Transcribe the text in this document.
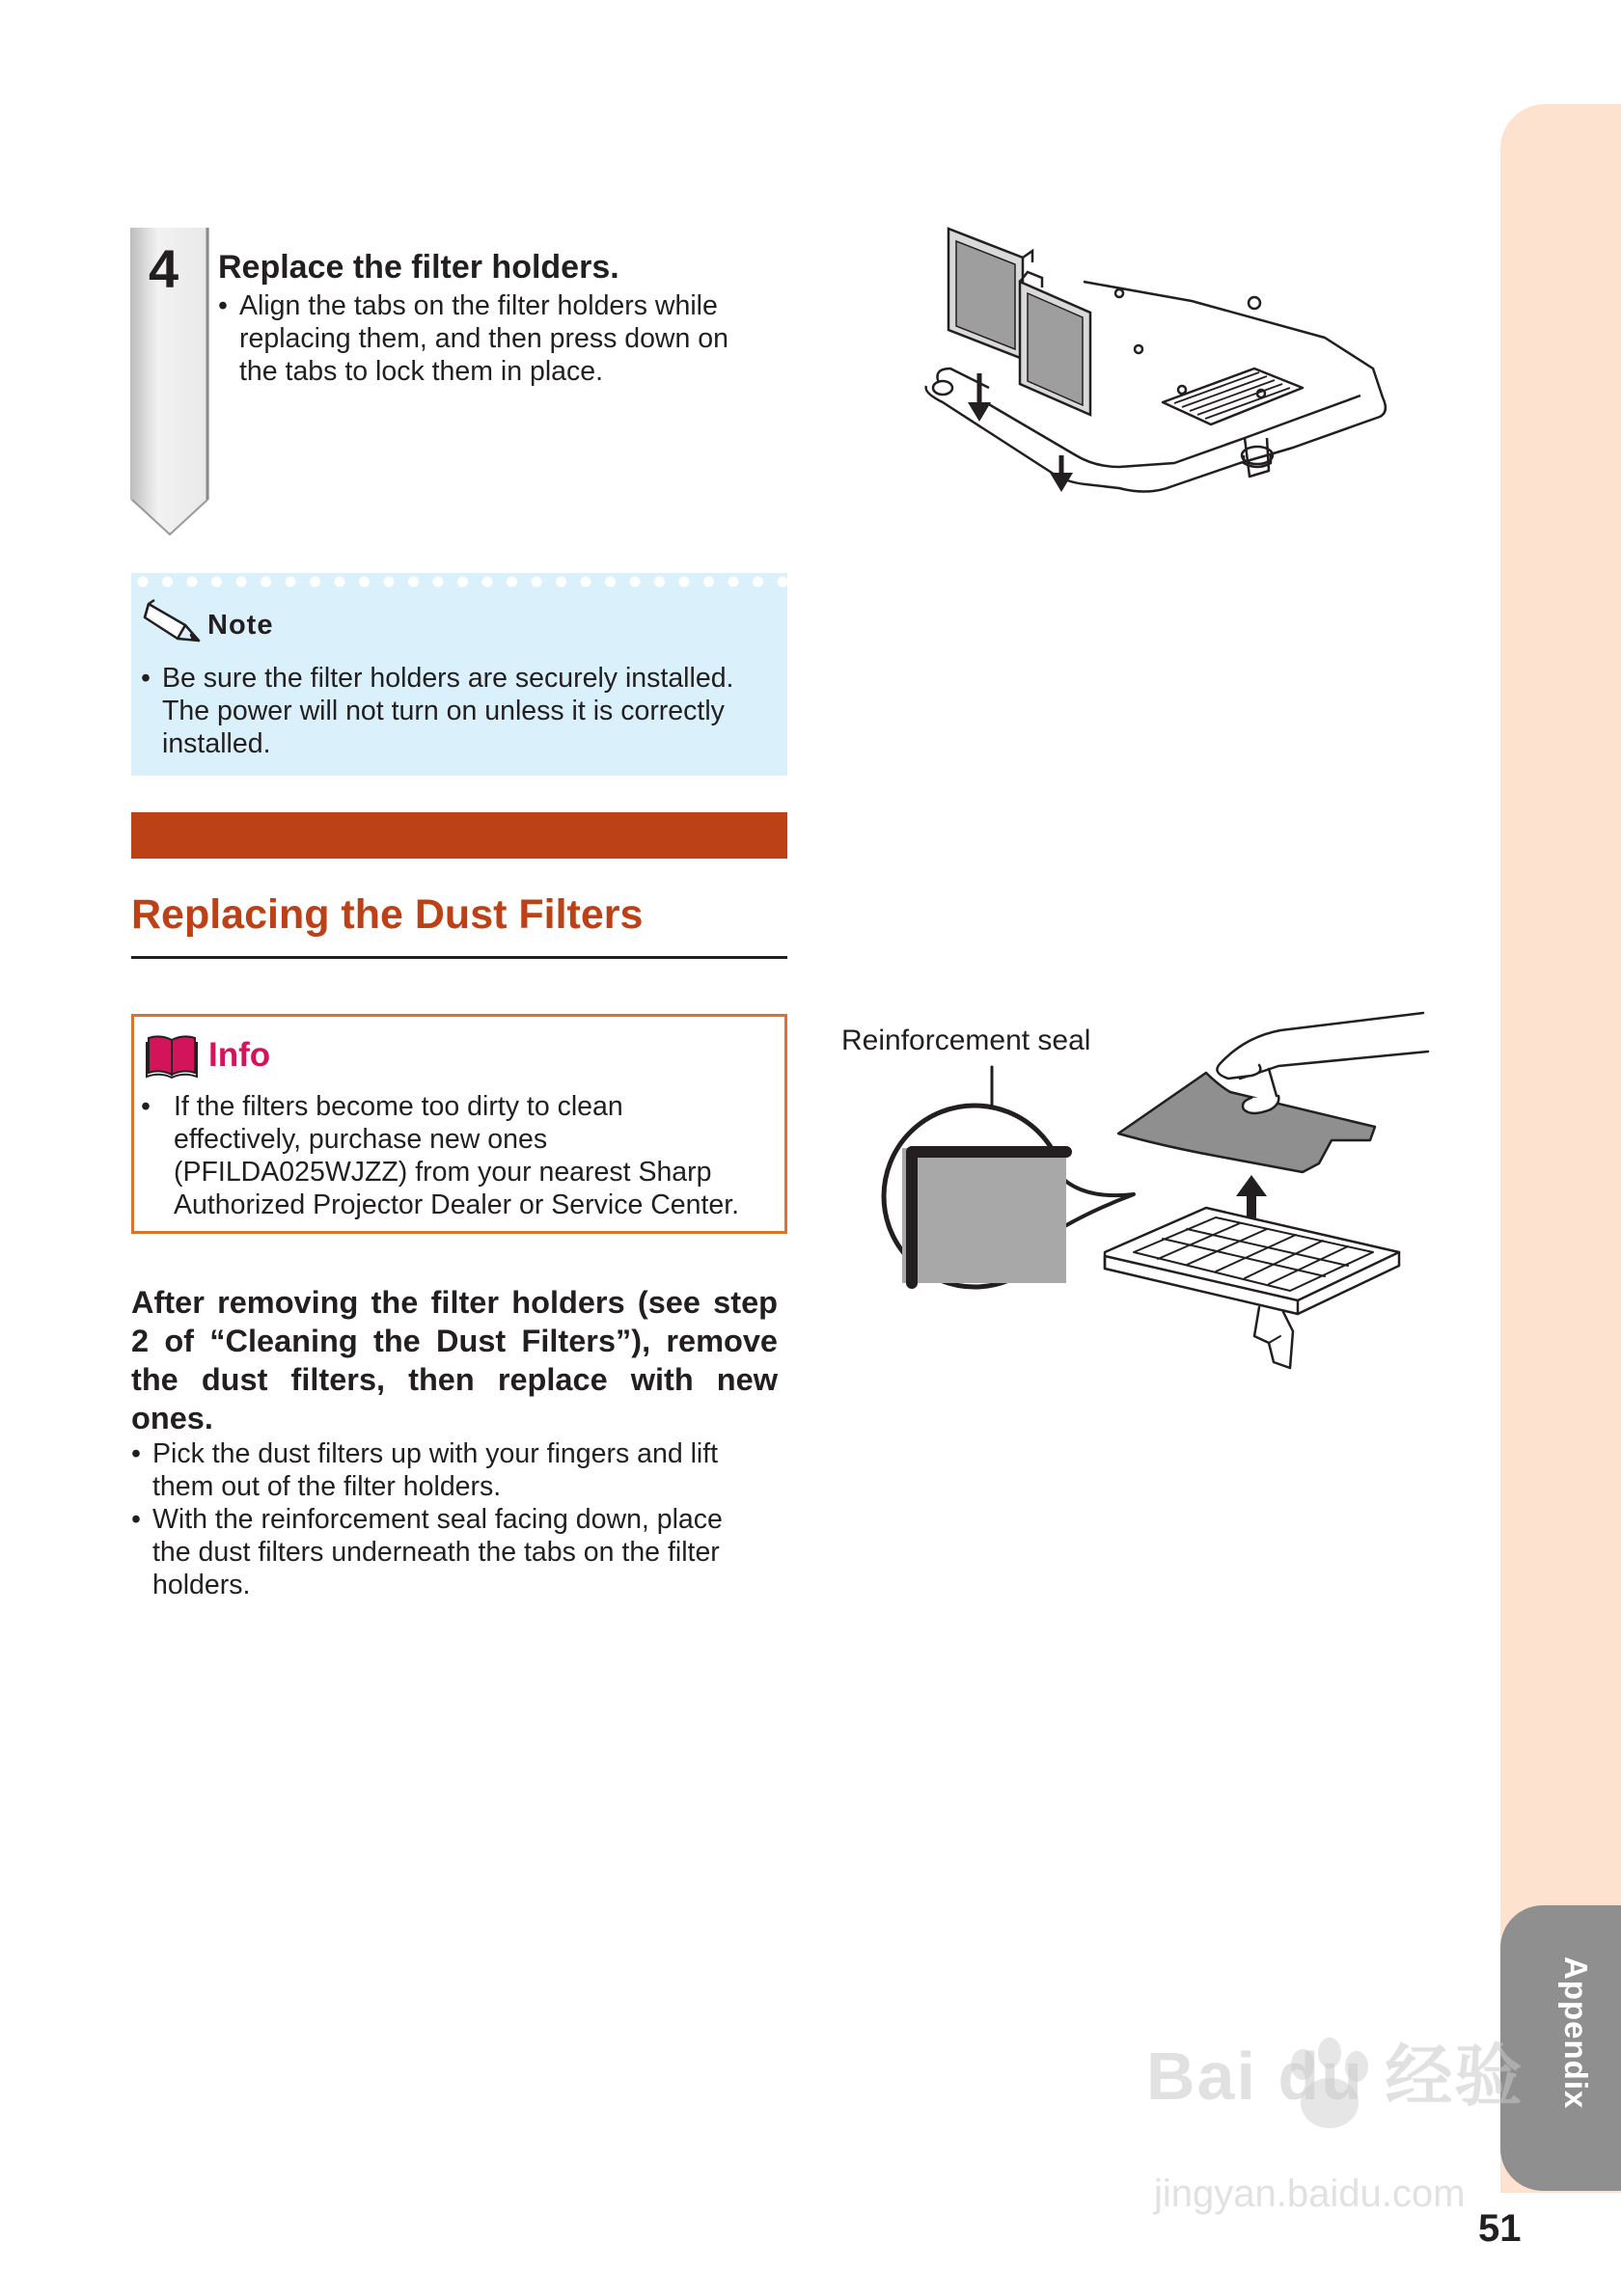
Appendix
51
4 Replace the filter holders.
• Align the tabs on the filter holders while
replacing them, and then press down on
the tabs to lock them in place.
Note
• Be sure the filter holders are securely installed.
The power will not turn on unless it is correctly
installed.
Replacing the Dust Filters
Info
• If the filters become too dirty to clean
effectively, purchase new ones
(PFILDA025WJZZ) from your nearest Sharp
Authorized Projector Dealer or Service Center.
After removing the filter holders (see step 2 of “Cleaning the Dust Filters”), remove the dust filters, then replace with new ones.
• Pick the dust filters up with your fingers and lift
them out of the filter holders.
• With the reinforcement seal facing down, place
the dust filters underneath the tabs on the filter
holders.
Reinforcement seal
Bai du 经验
jingyan.baidu.com
